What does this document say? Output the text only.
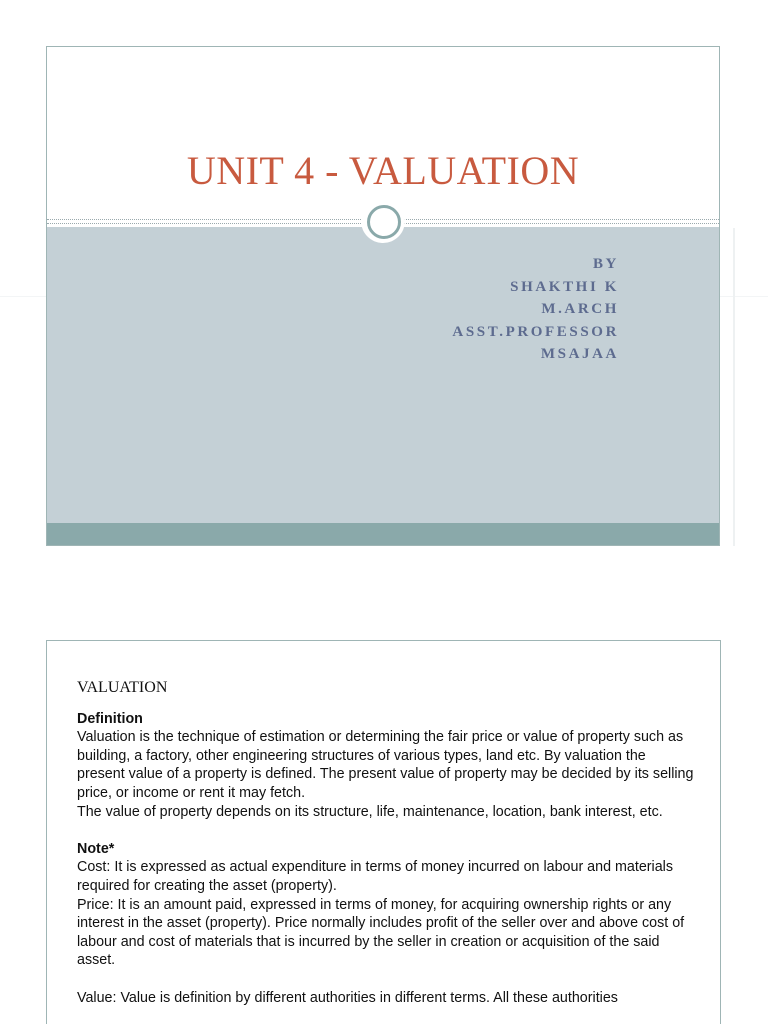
UNIT 4 - VALUATION
BY
SHAKTHI K
M.ARCH
ASST.PROFESSOR
MSAJAA
VALUATION

Definition

Valuation is the technique of estimation or determining the fair price or value of property such as building, a factory, other engineering structures of various types, land etc. By valuation the present value of a property is defined. The present value of property may be decided by its selling price, or income or rent it may fetch.

The value of property depends on its structure, life, maintenance, location, bank interest, etc.

Note*

Cost: It is expressed as actual expenditure in terms of money incurred on labour and materials required for creating the asset (property).

Price: It is an amount paid, expressed in terms of money, for acquiring ownership rights or any interest in the asset (property). Price normally includes profit of the seller over and above cost of labour and cost of materials that is incurred by the seller in creation or acquisition of the said asset.

Value: Value is definition by different authorities in different terms. All these authorities
